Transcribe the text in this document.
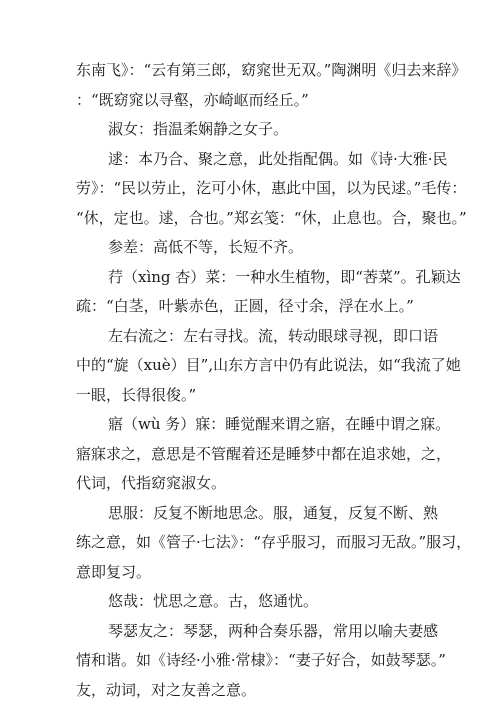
东南飞》：“云有第三郎，窈窕世无双。”陶渊明《归去来辞》

：“既窈窕以寻壑，亦崎岖而经丘。”

淑女：指温柔娴静之女子。

逑：本乃合、聚之意，此处指配偶。如《诗·大雅·民

劳》：“民以劳止，汔可小休，惠此中国，以为民逑。”毛传：

“休，定也。逑，合也。”郑玄笺：“休，止息也。合，聚也。”

参差：高低不等，长短不齐。

荇（xìng 杏）菜：一种水生植物，即“莕菜”。孔颖达

疏：“白茎，叶紫赤色，正圆，径寸余，浮在水上。”

左右流之：左右寻找。流，转动眼球寻视，即口语

中的“旋（xuè）目”,山东方言中仍有此说法，如“我流了她

一眼，长得很俊。”

寤（wù 务）寐：睡觉醒来谓之寤，在睡中谓之寐。

寤寐求之，意思是不管醒着还是睡梦中都在追求她，之，

代词，代指窈窕淑女。

思服：反复不断地思念。服，通复，反复不断、熟

练之意，如《管子·七法》：“存乎服习，而服习无敌。”服习，

意即复习。

悠哉：忧思之意。古，悠通忧。

琴瑟友之：琴瑟，两种合奏乐器，常用以喻夫妻感

情和谐。如《诗经·小雅·常棣》：“妻子好合，如鼓琴瑟。”

友，动词，对之友善之意。
